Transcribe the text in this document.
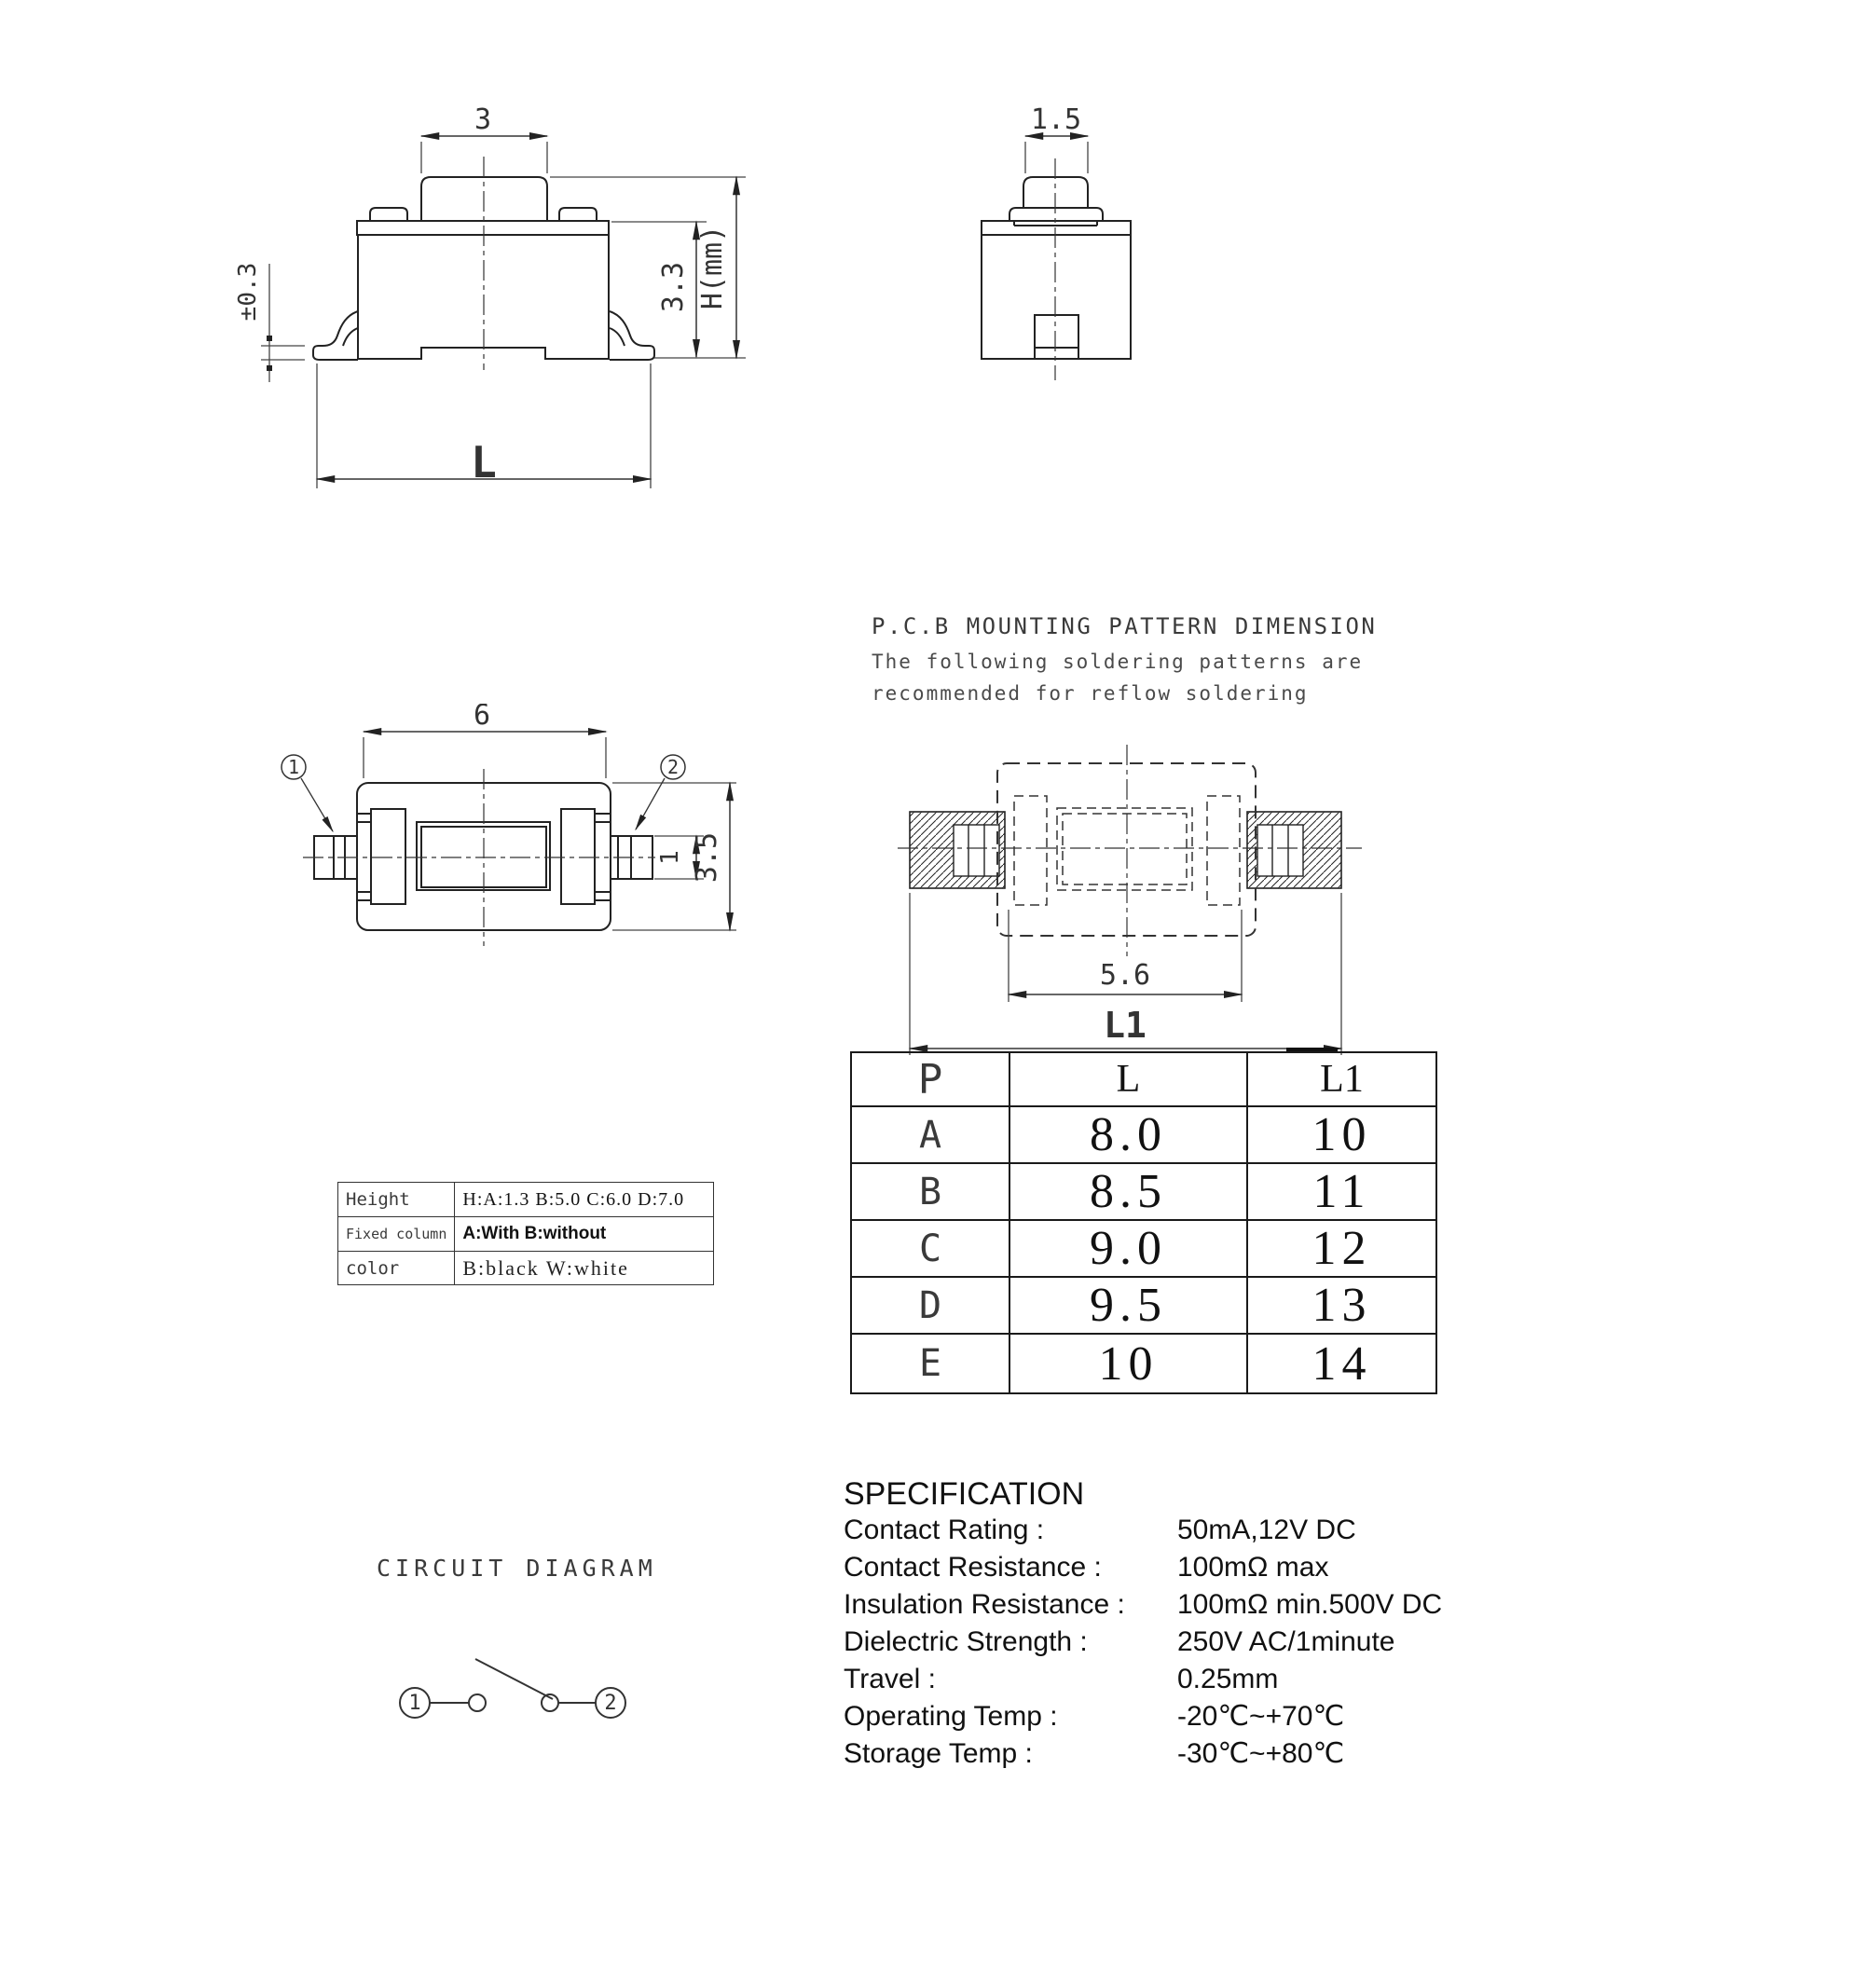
3
±0.3	3.3 H(mm)
L
1.5
1	2
6
1 3.5
P.C.B MOUNTING PATTERN DIMENSION
The following soldering patterns are
recommended for reflow soldering
5.6
L1
P	L	L1
A	8.0	10
B	8.5	11
C	9.0	12
D	9.5	13
E	10	14
Height	H:A:1.3 B:5.0 C:6.0 D:7.0
Fixed column	A:With B:without
color	B:black W:white
CIRCUIT DIAGRAM
1	2
SPECIFICATION
Contact Rating :	50mA,12V DC
Contact Resistance :	100mΩ max
Insulation Resistance :	100mΩ min.500V DC
Dielectric Strength :	250V AC/1minute
Travel :	0.25mm
Operating Temp :	-20℃~+70℃
Storage Temp :	-30℃~+80℃
